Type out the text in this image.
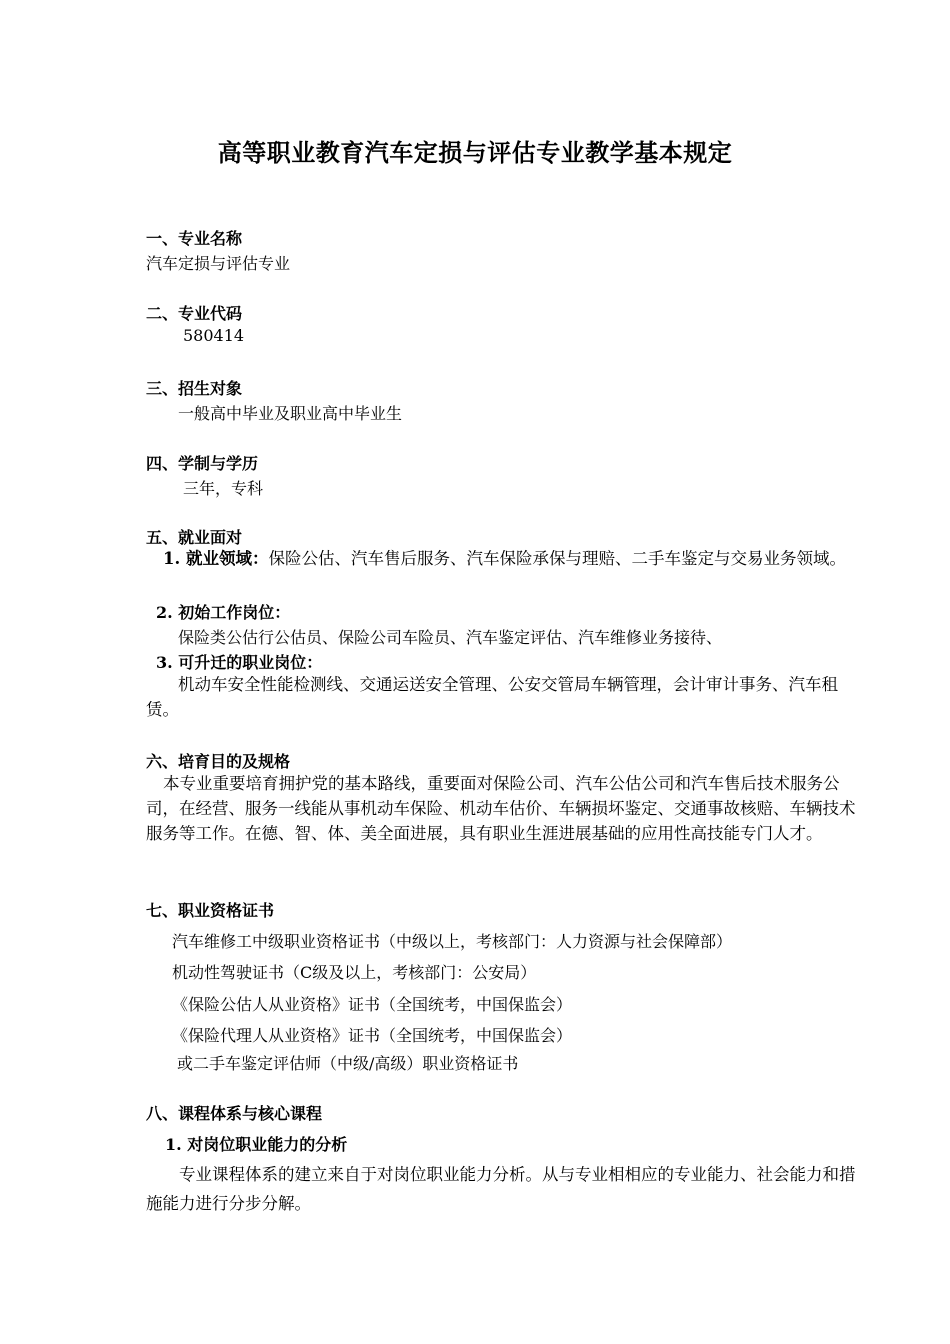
高等职业教育汽车定损与评估专业教学基本规定
一、专业名称
汽车定损与评估专业
二、专业代码
580414
三、招生对象
一般高中毕业及职业高中毕业生
四、学制与学历
三年，专科
五、就业面对
1. 就业领域：保险公估、汽车售后服务、汽车保险承保与理赔、二手车鉴定与交易业务领域。
2. 初始工作岗位：
保险类公估行公估员、保险公司车险员、汽车鉴定评估、汽车维修业务接待、
3. 可升迁的职业岗位：
机动车安全性能检测线、交通运送安全管理、公安交管局车辆管理，会计审计事务、汽车租赁。
六、培育目的及规格
本专业重要培育拥护党的基本路线，重要面对保险公司、汽车公估公司和汽车售后技术服务公司，在经营、服务一线能从事机动车保险、机动车估价、车辆损坏鉴定、交通事故核赔、车辆技术服务等工作。在德、智、体、美全面进展，具有职业生涯进展基础的应用性高技能专门人才。
七、职业资格证书
汽车维修工中级职业资格证书（中级以上，考核部门：人力资源与社会保障部）
机动性驾驶证书（C级及以上，考核部门：公安局）
《保险公估人从业资格》证书（全国统考，中国保监会）
《保险代理人从业资格》证书（全国统考，中国保监会）
或二手车鉴定评估师（中级/高级）职业资格证书
八、课程体系与核心课程
1. 对岗位职业能力的分析
专业课程体系的建立来自于对岗位职业能力分析。从与专业相相应的专业能力、社会能力和措施能力进行分步分解。
